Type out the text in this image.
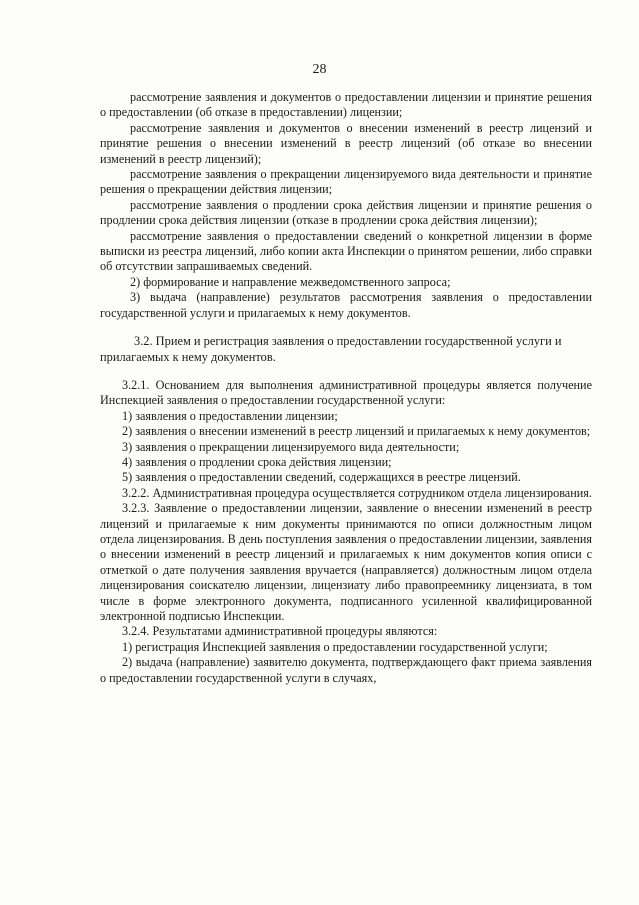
28

рассмотрение заявления и документов о предоставлении лицензии и принятие решения о предоставлении (об отказе в предоставлении) лицензии;

рассмотрение заявления и документов о внесении изменений в реестр лицензий и принятие решения о внесении изменений в реестр лицензий (об отказе во внесении изменений в реестр лицензий);

рассмотрение заявления о прекращении лицензируемого вида деятельности и принятие решения о прекращении действия лицензии;

рассмотрение заявления о продлении срока действия лицензии и принятие решения о продлении срока действия лицензии (отказе в продлении срока действия лицензии);

рассмотрение заявления о предоставлении сведений о конкретной лицензии в форме выписки из реестра лицензий, либо копии акта Инспекции о принятом решении, либо справки об отсутствии запрашиваемых сведений.

2) формирование и направление межведомственного запроса;

3) выдача (направление) результатов рассмотрения заявления о предоставлении государственной услуги и прилагаемых к нему документов.

3.2. Прием и регистрация заявления о предоставлении государственной услуги и прилагаемых к нему документов.

3.2.1. Основанием для выполнения административной процедуры является получение Инспекцией заявления о предоставлении государственной услуги:

1) заявления о предоставлении лицензии;

2) заявления о внесении изменений в реестр лицензий и прилагаемых к нему документов;

3) заявления о прекращении лицензируемого вида деятельности;

4) заявления о продлении срока действия лицензии;

5) заявления о предоставлении сведений, содержащихся в реестре лицензий.

3.2.2. Административная процедура осуществляется сотрудником отдела лицензирования.

3.2.3. Заявление о предоставлении лицензии, заявление о внесении изменений в реестр лицензий и прилагаемые к ним документы принимаются по описи должностным лицом отдела лицензирования. В день поступления заявления о предоставлении лицензии, заявления о внесении изменений в реестр лицензий и прилагаемых к ним документов копия описи с отметкой о дате получения заявления вручается (направляется) должностным лицом отдела лицензирования соискателю лицензии, лицензиату либо правопреемнику лицензиата, в том числе в форме электронного документа, подписанного усиленной квалифицированной электронной подписью Инспекции.

3.2.4. Результатами административной процедуры являются:

1) регистрация Инспекцией заявления о предоставлении государственной услуги;

2) выдача (направление) заявителю документа, подтверждающего факт приема заявления о предоставлении государственной услуги в случаях,
